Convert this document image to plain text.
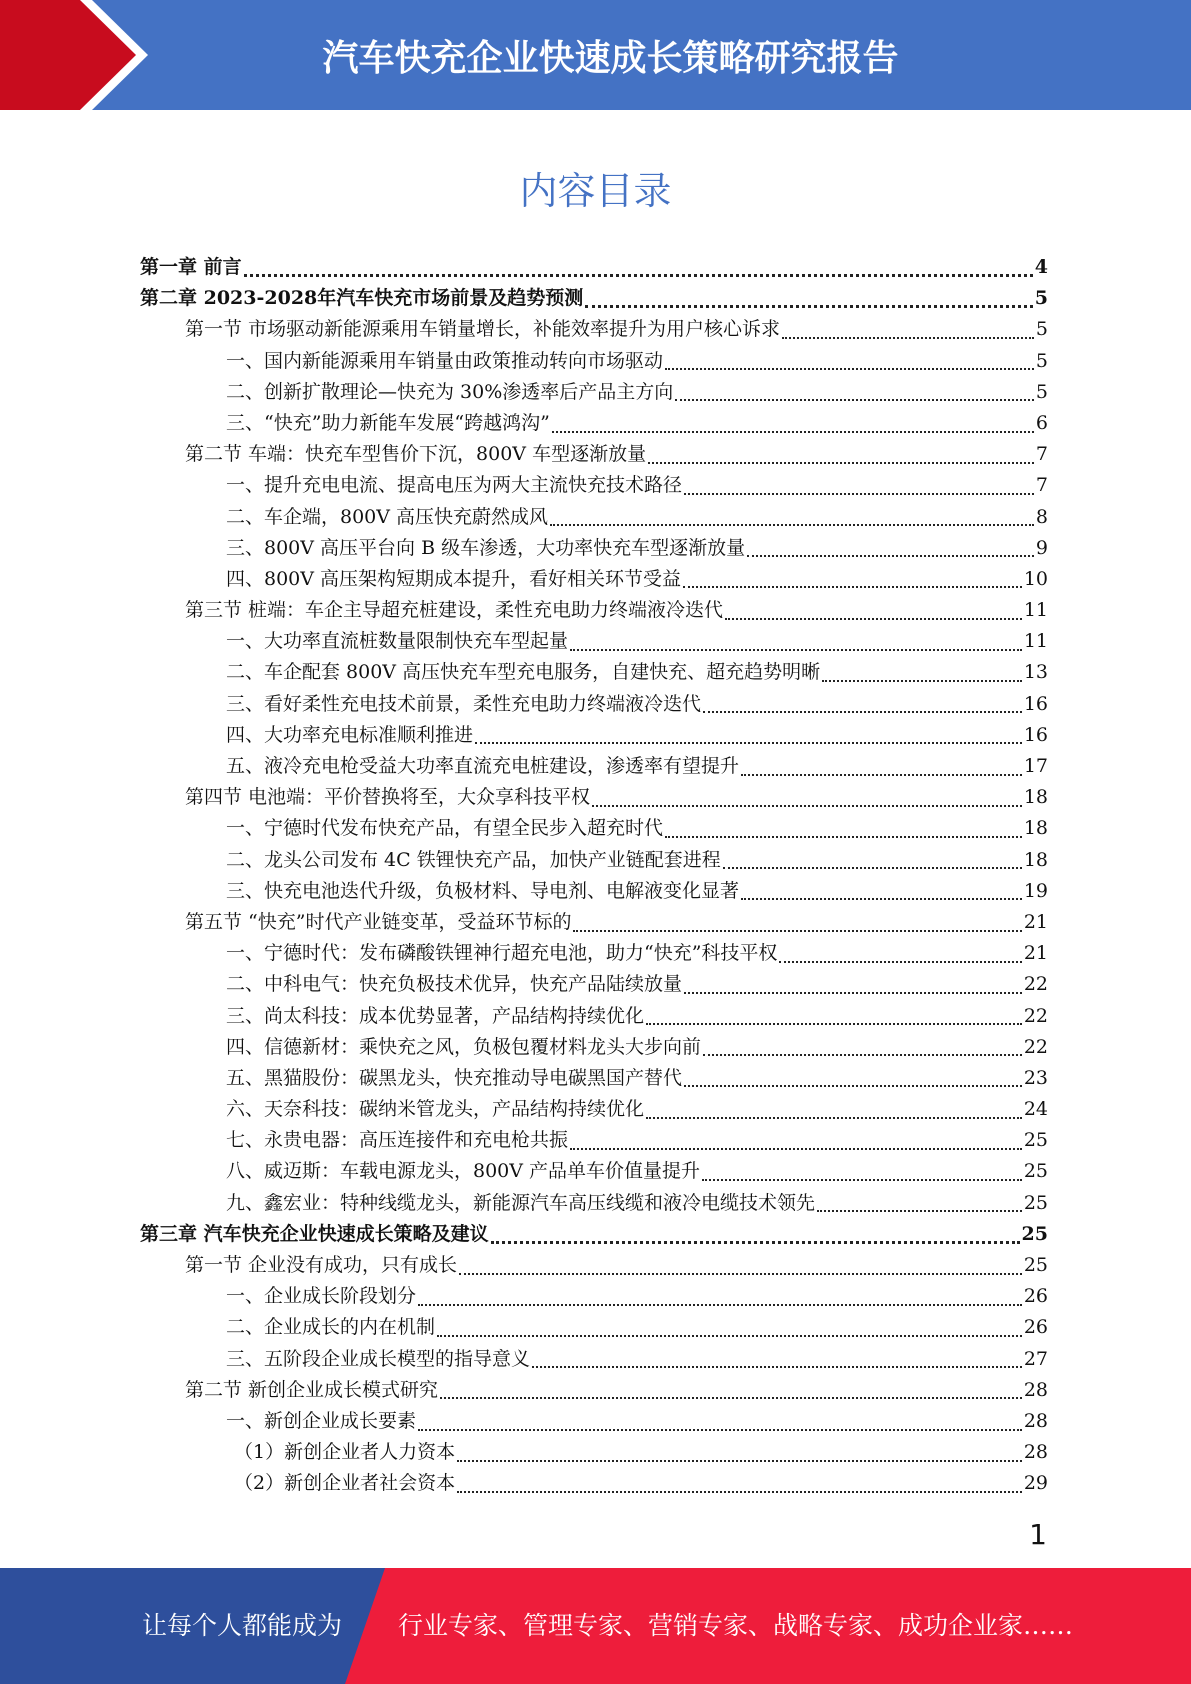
汽车快充企业快速成长策略研究报告
内容目录
第一章 前言	4
第二章 2023-2028年汽车快充市场前景及趋势预测	5
第一节 市场驱动新能源乘用车销量增长，补能效率提升为用户核心诉求	5
一、国内新能源乘用车销量由政策推动转向市场驱动	5
二、创新扩散理论—快充为 30%渗透率后产品主方向	5
三、“快充”助力新能车发展“跨越鸿沟”	6
第二节 车端：快充车型售价下沉，800V 车型逐渐放量	7
一、提升充电电流、提高电压为两大主流快充技术路径	7
二、车企端，800V 高压快充蔚然成风	8
三、800V 高压平台向 B 级车渗透，大功率快充车型逐渐放量	9
四、800V 高压架构短期成本提升，看好相关环节受益	10
第三节 桩端：车企主导超充桩建设，柔性充电助力终端液冷迭代	11
一、大功率直流桩数量限制快充车型起量	11
二、车企配套 800V 高压快充车型充电服务，自建快充、超充趋势明晰	13
三、看好柔性充电技术前景，柔性充电助力终端液冷迭代	16
四、大功率充电标准顺利推进	16
五、液冷充电枪受益大功率直流充电桩建设，渗透率有望提升	17
第四节 电池端：平价替换将至，大众享科技平权	18
一、宁德时代发布快充产品，有望全民步入超充时代	18
二、龙头公司发布 4C 铁锂快充产品，加快产业链配套进程	18
三、快充电池迭代升级，负极材料、导电剂、电解液变化显著	19
第五节 “快充”时代产业链变革，受益环节标的	21
一、宁德时代：发布磷酸铁锂神行超充电池，助力“快充”科技平权	21
二、中科电气：快充负极技术优异，快充产品陆续放量	22
三、尚太科技：成本优势显著，产品结构持续优化	22
四、信德新材：乘快充之风，负极包覆材料龙头大步向前	22
五、黑猫股份：碳黑龙头，快充推动导电碳黑国产替代	23
六、天奈科技：碳纳米管龙头，产品结构持续优化	24
七、永贵电器：高压连接件和充电枪共振	25
八、威迈斯：车载电源龙头，800V 产品单车价值量提升	25
九、鑫宏业：特种线缆龙头，新能源汽车高压线缆和液冷电缆技术领先	25
第三章 汽车快充企业快速成长策略及建议	25
第一节 企业没有成功，只有成长	25
一、企业成长阶段划分	26
二、企业成长的内在机制	26
三、五阶段企业成长模型的指导意义	27
第二节 新创企业成长模式研究	28
一、新创企业成长要素	28
（1）新创企业者人力资本	28
（2）新创企业者社会资本	29
1
让每个人都能成为 行业专家、管理专家、营销专家、战略专家、成功企业家……
